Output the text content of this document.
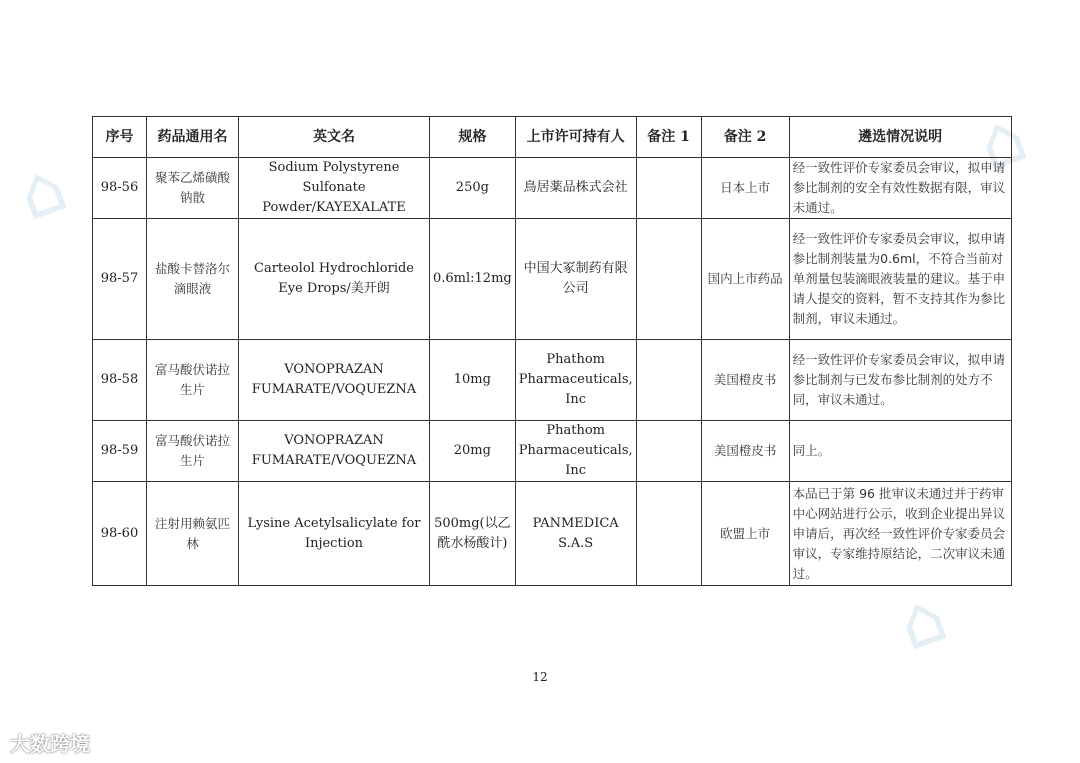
⌂
⌂
⌂
序号	药品通用名	英文名	规格	上市许可持有人	备注 1	备注 2	遴选情况说明
98-56	聚苯乙烯磺酸钠散	Sodium Polystyrene Sulfonate Powder/KAYEXALATE	250g	鳥居薬品株式会社		日本上市	经一致性评价专家委员会审议，拟申请参比制剂的安全有效性数据有限，审议未通过。
98-57	盐酸卡替洛尔滴眼液	Carteolol Hydrochloride Eye Drops/美开朗	0.6ml:12mg	中国大冢制药有限公司		国内上市药品	经一致性评价专家委员会审议，拟申请参比制剂装量为0.6ml，不符合当前对单剂量包装滴眼液装量的建议。基于申请人提交的资料，暂不支持其作为参比制剂，审议未通过。
98-58	富马酸伏诺拉生片	VONOPRAZAN FUMARATE/VOQUEZNA	10mg	Phathom Pharmaceuticals, Inc		美国橙皮书	经一致性评价专家委员会审议，拟申请参比制剂与已发布参比制剂的处方不同，审议未通过。
98-59	富马酸伏诺拉生片	VONOPRAZAN FUMARATE/VOQUEZNA	20mg	Phathom Pharmaceuticals, Inc		美国橙皮书	同上。
98-60	注射用赖氨匹林	Lysine Acetylsalicylate for Injection	500mg(以乙酰水杨酸计)	PANMEDICA S.A.S		欧盟上市	本品已于第 96 批审议未通过并于药审中心网站进行公示，收到企业提出异议申请后，再次经一致性评价专家委员会审议，专家维持原结论，二次审议未通过。
12
大数跨境
